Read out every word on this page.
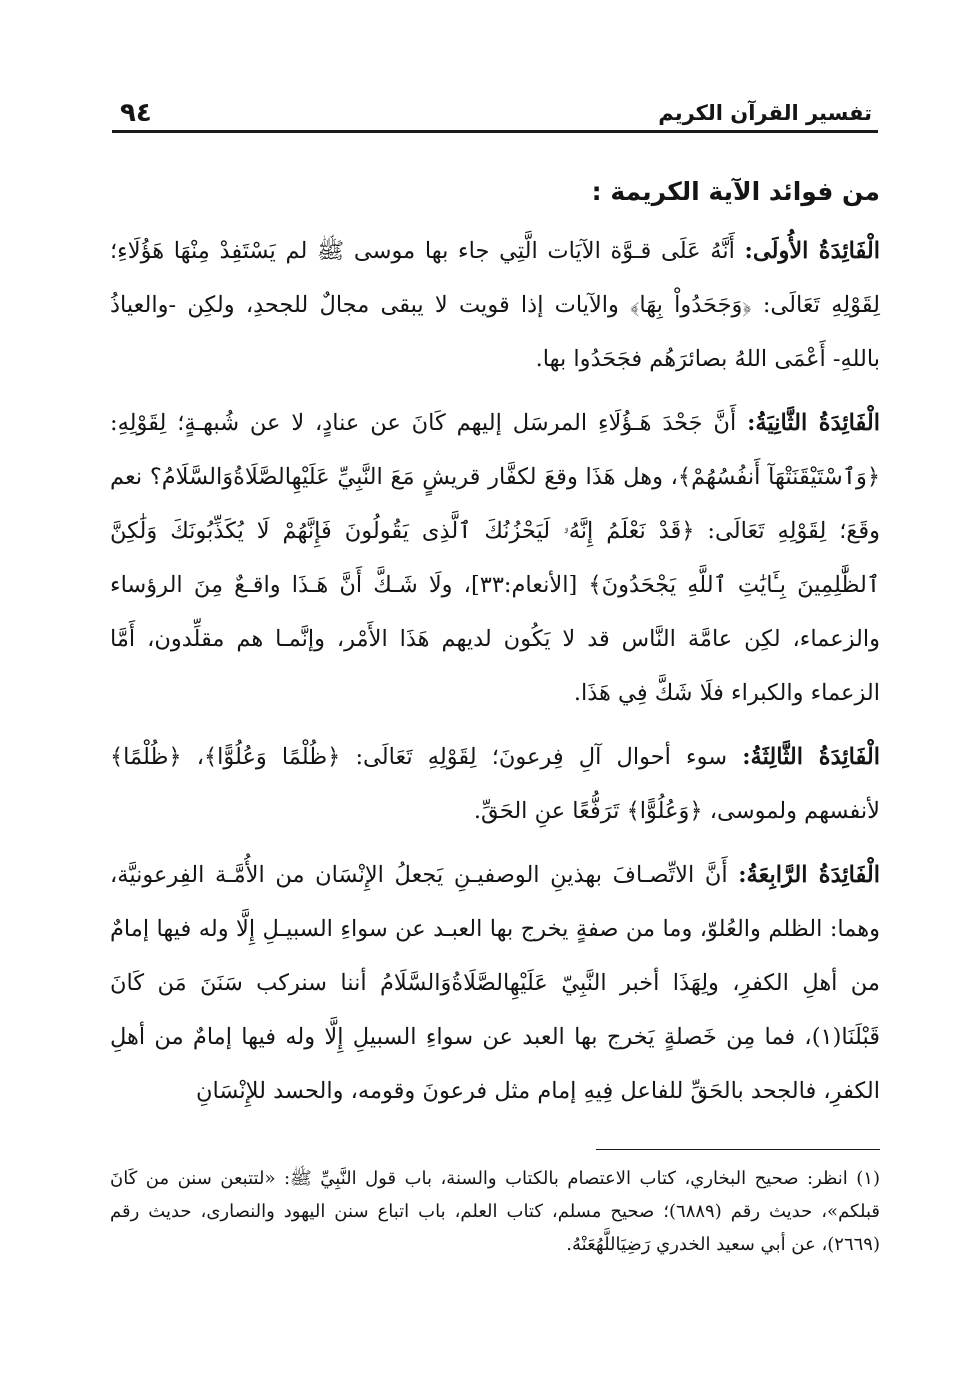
٩٤	تفسير القرآن الكريم
من فوائد الآية الكريمة :

الْفَائِدَةُ الأُولَى: أَنَّهُ عَلَى قـوَّة الآيَات الَّتِي جاء بها موسى ﷺ لم يَسْتَفِدْ مِنْهَا هَؤُلَاءِ؛ لِقَوْلِهِ تَعَالَى: ﴿وَجَحَدُواْ بِهَا﴾ والآيات إذا قويت لا يبقى مجالٌ للجحدِ، ولكِن -والعياذُ باللهِ- أَعْمَى اللهُ بصائرَهُم فجَحَدُوا بها.

الْفَائِدَةُ الثَّانِيَةُ: أَنَّ جَحْدَ هَـؤُلَاءِ المرسَل إليهم كَانَ عن عنادٍ، لا عن شُبهـةٍ؛ لِقَوْلِهِ: ﴿وَٱسْتَيْقَنَتْهَآ أَنفُسُهُمْ﴾، وهل هَذَا وقعَ لكفَّار قريشٍ مَعَ النَّبِيِّ عَلَيْهِالصَّلَاةُوَالسَّلَامُ؟ نعم وقَعَ؛ لِقَوْلِهِ تَعَالَى: ﴿قَدْ نَعْلَمُ إِنَّهُۥ لَيَحْزُنُكَ ٱلَّذِى يَقُولُونَ فَإِنَّهُمْ لَا يُكَذِّبُونَكَ وَلَٰكِنَّ ٱلظَّٰلِمِينَ بِـَٔايَٰتِ ٱللَّهِ يَجْحَدُونَ﴾ [الأنعام:٣٣]، ولَا شَـكَّ أَنَّ هَـذَا واقـعٌ مِنَ الرؤساء والزعماء، لكِن عامَّة النَّاس قد لا يَكُون لديهم هَذَا الأَمْر، وإنَّمـا هم مقلِّدون، أَمَّا الزعماء والكبراء فلَا شَكَّ فِي هَذَا.

الْفَائِدَةُ الثَّالِثَةُ: سوء أحوال آلِ فِرعونَ؛ لِقَوْلِهِ تَعَالَى: ﴿ظُلْمًا وَعُلُوًّا﴾، ﴿ظُلْمًا﴾ لأنفسهم ولموسى، ﴿وَعُلُوًّا﴾ تَرَفُّعًا عنِ الحَقِّ.

الْفَائِدَةُ الرَّابِعَةُ: أَنَّ الاتِّصـافَ بهذينِ الوصفيـنِ يَجعلُ الإِنْسَان من الأُمَّـة الفِرعونيَّة، وهما: الظلم والعُلوّ، وما من صفةٍ يخرج بها العبـد عن سواءِ السبيـلِ إِلَّا وله فيها إمامٌ من أهلِ الكفرِ، ولِهَذَا أخبر النَّبِيّ عَلَيْهِالصَّلَاةُوَالسَّلَامُ أننا سنركب سَنَنَ مَن كَانَ قَبْلَنَا(١)، فما مِن خَصلةٍ يَخرج بها العبد عن سواءِ السبيلِ إِلَّا وله فيها إمامٌ من أهلِ الكفرِ، فالجحد بالحَقِّ للفاعل فِيهِ إمام مثل فرعونَ وقومه، والحسد للإِنْسَانِ

(١) انظر: صحيح البخاري، كتاب الاعتصام بالكتاب والسنة، باب قول النَّبِيِّ ﷺ: «لتتبعن سنن من كَانَ قبلكم»، حديث رقم (٦٨٨٩)؛ صحيح مسلم، كتاب العلم، باب اتباع سنن اليهود والنصارى، حديث رقم (٢٦٦٩)، عن أبي سعيد الخدري رَضِيَاللَّهُعَنْهُ.
